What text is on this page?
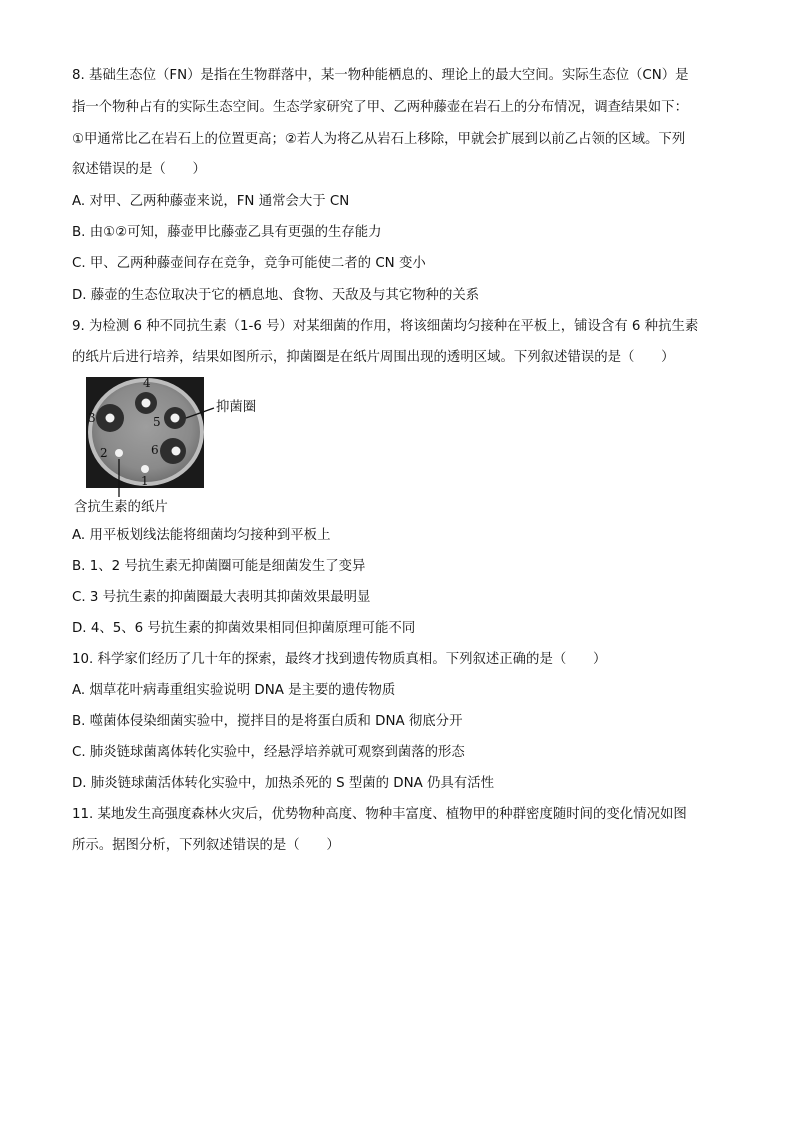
8. 基础生态位（FN）是指在生物群落中，某一物种能栖息的、理论上的最大空间。实际生态位（CN）是
指一个物种占有的实际生态空间。生态学家研究了甲、乙两种藤壶在岩石上的分布情况，调查结果如下：
①甲通常比乙在岩石上的位置更高；②若人为将乙从岩石上移除，甲就会扩展到以前乙占领的区域。下列
叙述错误的是（　　）
A. 对甲、乙两种藤壶来说，FN 通常会大于 CN
B. 由①②可知，藤壶甲比藤壶乙具有更强的生存能力
C. 甲、乙两种藤壶间存在竞争，竞争可能使二者的 CN 变小
D. 藤壶的生态位取决于它的栖息地、食物、天敌及与其它物种的关系
9. 为检测 6 种不同抗生素（1-6 号）对某细菌的作用，将该细菌均匀接种在平板上，铺设含有 6 种抗生素
的纸片后进行培养，结果如图所示，抑菌圈是在纸片周围出现的透明区域。下列叙述错误的是（　　）
4
3	5
6
2
1
抑菌圈
含抗生素的纸片
A. 用平板划线法能将细菌均匀接种到平板上
B. 1、2 号抗生素无抑菌圈可能是细菌发生了变异
C. 3 号抗生素的抑菌圈最大表明其抑菌效果最明显
D. 4、5、6 号抗生素的抑菌效果相同但抑菌原理可能不同
10. 科学家们经历了几十年的探索，最终才找到遗传物质真相。下列叙述正确的是（　　）
A. 烟草花叶病毒重组实验说明 DNA 是主要的遗传物质
B. 噬菌体侵染细菌实验中，搅拌目的是将蛋白质和 DNA 彻底分开
C. 肺炎链球菌离体转化实验中，经悬浮培养就可观察到菌落的形态
D. 肺炎链球菌活体转化实验中，加热杀死的 S 型菌的 DNA 仍具有活性
11. 某地发生高强度森林火灾后，优势物种高度、物种丰富度、植物甲的种群密度随时间的变化情况如图
所示。据图分析，下列叙述错误的是（　　）
